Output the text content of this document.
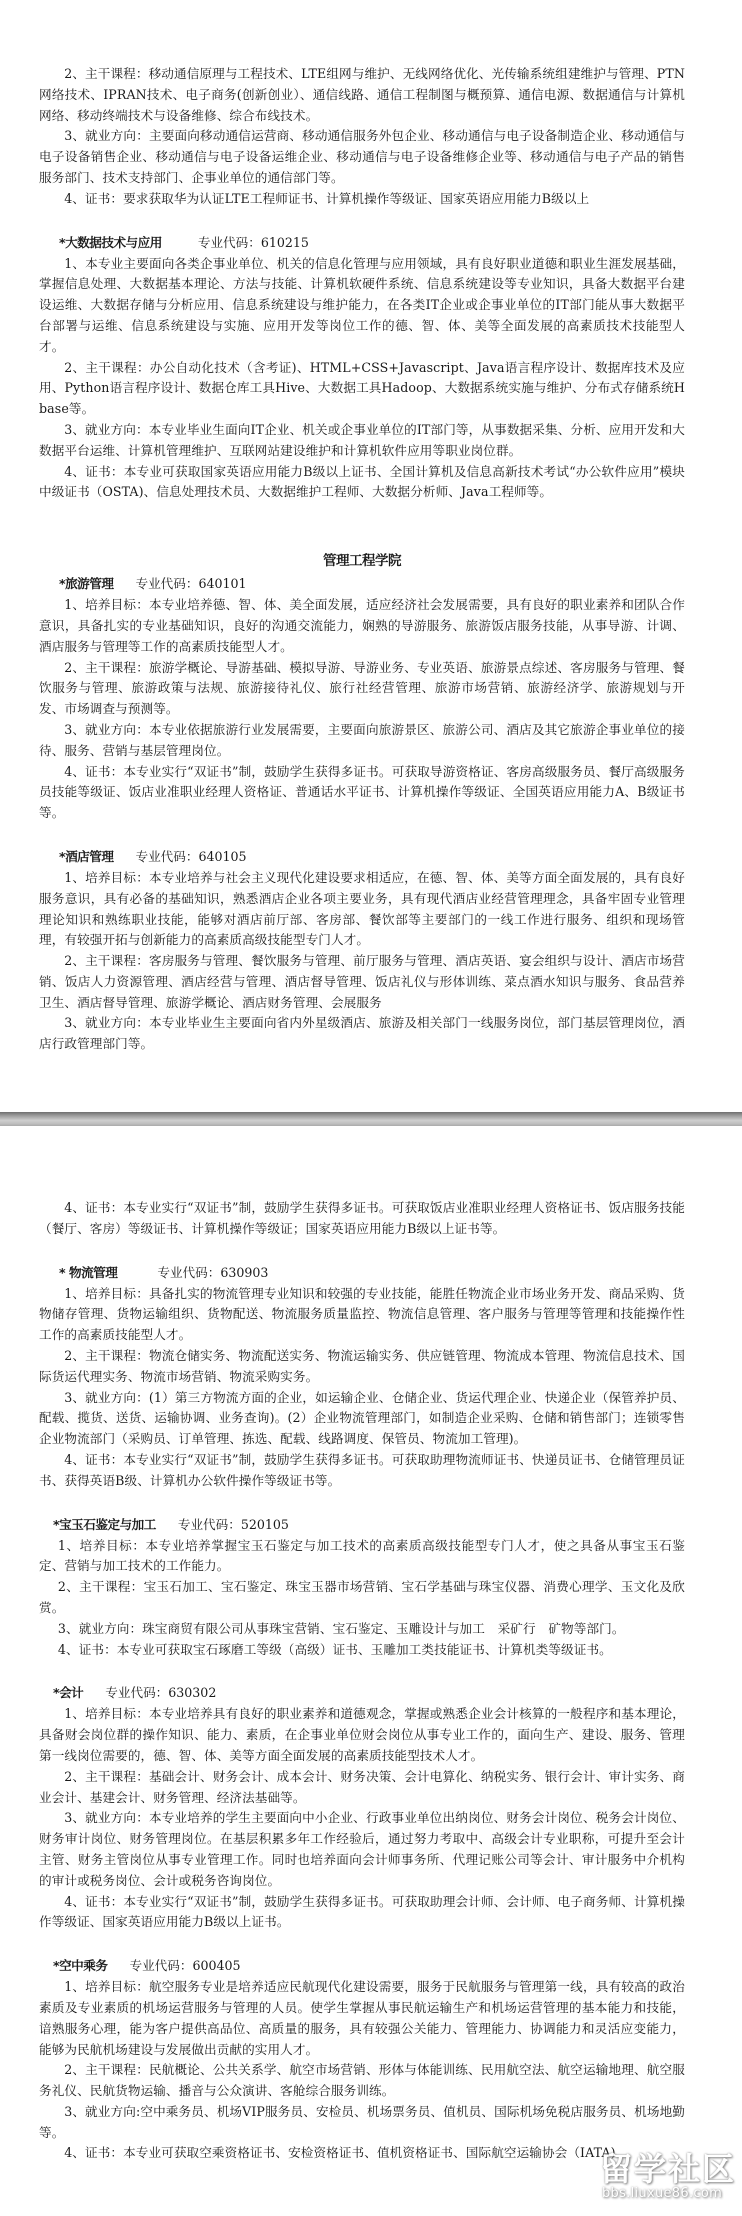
2、主干课程：移动通信原理与工程技术、LTE组网与维护、无线网络优化、光传输系统组建维护与管理、PTN网络技术、IPRAN技术、电子商务(创新创业）、通信线路、通信工程制图与概预算、通信电源、数据通信与计算机网络、移动终端技术与设备维修、综合布线技术。

3、就业方向：主要面向移动通信运营商、移动通信服务外包企业、移动通信与电子设备制造企业、移动通信与电子设备销售企业、移动通信与电子设备运维企业、移动通信与电子设备维修企业等、移动通信与电子产品的销售服务部门、技术支持部门、企事业单位的通信部门等。

4、证书：要求获取华为认证LTE工程师证书、计算机操作等级证、国家英语应用能力B级以上

*大数据技术与应用	专业代码：610215

1、本专业主要面向各类企事业单位、机关的信息化管理与应用领域，具有良好职业道德和职业生涯发展基础，掌握信息处理、大数据基本理论、方法与技能、计算机软硬件系统、信息系统建设等专业知识，具备大数据平台建设运维、大数据存储与分析应用、信息系统建设与维护能力，在各类IT企业或企事业单位的IT部门能从事大数据平台部署与运维、信息系统建设与实施、应用开发等岗位工作的德、智、体、美等全面发展的高素质技术技能型人才。

2、主干课程：办公自动化技术（含考证)、HTML+CSS+Javascript、Java语言程序设计、数据库技术及应用、Python语言程序设计、数据仓库工具Hive、大数据工具Hadoop、大数据系统实施与维护、分布式存储系统Hbase等。

3、就业方向：本专业毕业生面向IT企业、机关或企事业单位的IT部门等，从事数据采集、分析、应用开发和大数据平台运维、计算机管理维护、互联网站建设维护和计算机软件应用等职业岗位群。

4、证书：本专业可获取国家英语应用能力B级以上证书、全国计算机及信息高新技术考试“办公软件应用”模块中级证书（OSTA)、信息处理技术员、大数据维护工程师、大数据分析师、Java工程师等。

管理工程学院

*旅游管理 专业代码：640101

1、培养目标：本专业培养德、智、体、美全面发展，适应经济社会发展需要，具有良好的职业素养和团队合作意识，具备扎实的专业基础知识，良好的沟通交流能力，娴熟的导游服务、旅游饭店服务技能，从事导游、计调、酒店服务与管理等工作的高素质技能型人才。

2、主干课程：旅游学概论、导游基础、模拟导游、导游业务、专业英语、旅游景点综述、客房服务与管理、餐饮服务与管理、旅游政策与法规、旅游接待礼仪、旅行社经营管理、旅游市场营销、旅游经济学、旅游规划与开发、市场调查与预测等。

3、就业方向：本专业依据旅游行业发展需要，主要面向旅游景区、旅游公司、酒店及其它旅游企事业单位的接待、服务、营销与基层管理岗位。

4、证书：本专业实行“双证书”制，鼓励学生获得多证书。可获取导游资格证、客房高级服务员、餐厅高级服务员技能等级证、饭店业准职业经理人资格证、普通话水平证书、计算机操作等级证、全国英语应用能力A、B级证书等。

*酒店管理 专业代码：640105

1、培养目标：本专业培养与社会主义现代化建设要求相适应，在德、智、体、美等方面全面发展的，具有良好服务意识，具有必备的基础知识，熟悉酒店企业各项主要业务，具有现代酒店业经营管理理念，具备牢固专业管理理论知识和熟练职业技能，能够对酒店前厅部、客房部、餐饮部等主要部门的一线工作进行服务、组织和现场管理，有较强开拓与创新能力的高素质高级技能型专门人才。

2、主干课程：客房服务与管理、餐饮服务与管理、前厅服务与管理、酒店英语、宴会组织与设计、酒店市场营销、饭店人力资源管理、酒店经营与管理、酒店督导管理、饭店礼仪与形体训练、菜点酒水知识与服务、食品营养卫生、酒店督导管理、旅游学概论、酒店财务管理、会展服务

3、就业方向：本专业毕业生主要面向省内外星级酒店、旅游及相关部门一线服务岗位，部门基层管理岗位，酒店行政管理部门等。

4、证书：本专业实行“双证书”制，鼓励学生获得多证书。可获取饭店业准职业经理人资格证书、饭店服务技能（餐厅、客房）等级证书、计算机操作等级证；国家英语应用能力B级以上证书等。

* 物流管理	专业代码：630903

1、培养目标：具备扎实的物流管理专业知识和较强的专业技能，能胜任物流企业市场业务开发、商品采购、货物储存管理、货物运输组织、货物配送、物流服务质量监控、物流信息管理、客户服务与管理等管理和技能操作性工作的高素质技能型人才。

2、主干课程：物流仓储实务、物流配送实务、物流运输实务、供应链管理、物流成本管理、物流信息技术、国际货运代理实务、物流市场营销、物流采购实务。

3、就业方向：(1）第三方物流方面的企业，如运输企业、仓储企业、货运代理企业、快递企业（保管养护员、配载、揽货、送货、运输协调、业务查询)。(2）企业物流管理部门，如制造企业采购、仓储和销售部门；连锁零售企业物流部门（采购员、订单管理、拣选、配载、线路调度、保管员、物流加工管理)。

4、证书：本专业实行“双证书”制，鼓励学生获得多证书。可获取助理物流师证书、快递员证书、仓储管理员证书、获得英语B级、计算机办公软件操作等级证书等。

*宝玉石鉴定与加工 专业代码：520105

1、培养目标：本专业培养掌握宝玉石鉴定与加工技术的高素质高级技能型专门人才，使之具备从事宝玉石鉴定、营销与加工技术的工作能力。

2、主干课程：宝玉石加工、宝石鉴定、珠宝玉器市场营销、宝石学基础与珠宝仪器、消费心理学、玉文化及欣赏。

3、就业方向：珠宝商贸有限公司从事珠宝营销、宝石鉴定、玉雕设计与加工　采矿行　矿物等部门。

4、证书：本专业可获取宝石琢磨工等级（高级）证书、玉雕加工类技能证书、计算机类等级证书。

*会计 专业代码：630302

1、培养目标：本专业培养具有良好的职业素养和道德观念，掌握或熟悉企业会计核算的一般程序和基本理论，具备财会岗位群的操作知识、能力、素质，在企事业单位财会岗位从事专业工作的，面向生产、建设、服务、管理第一线岗位需要的，德、智、体、美等方面全面发展的高素质技能型技术人才。

2、主干课程：基础会计、财务会计、成本会计、财务决策、会计电算化、纳税实务、银行会计、审计实务、商业会计、基建会计、财务管理、经济法基础等。

3、就业方向：本专业培养的学生主要面向中小企业、行政事业单位出纳岗位、财务会计岗位、税务会计岗位、财务审计岗位、财务管理岗位。在基层积累多年工作经验后，通过努力考取中、高级会计专业职称，可提升至会计主管、财务主管岗位从事专业管理工作。同时也培养面向会计师事务所、代理记账公司等会计、审计服务中介机构的审计或税务岗位、会计或税务咨询岗位。

4、证书：本专业实行“双证书”制，鼓励学生获得多证书。可获取助理会计师、会计师、电子商务师、计算机操作等级证、国家英语应用能力B级以上证书。

*空中乘务 专业代码：600405

1、培养目标：航空服务专业是培养适应民航现代化建设需要，服务于民航服务与管理第一线，具有较高的政治素质及专业素质的机场运营服务与管理的人员。使学生掌握从事民航运输生产和机场运营管理的基本能力和技能，谙熟服务心理，能为客户提供高品位、高质量的服务，具有较强公关能力、管理能力、协调能力和灵活应变能力，能够为民航机场建设与发展做出贡献的实用人才。

2、主干课程：民航概论、公共关系学、航空市场营销、形体与体能训练、民用航空法、航空运输地理、航空服务礼仪、民航货物运输、播音与公众演讲、客舱综合服务训练。

3、就业方向:空中乘务员、机场VIP服务员、安检员、机场票务员、值机员、国际机场免税店服务员、机场地勤等。

4、证书：本专业可获取空乘资格证书、安检资格证书、值机资格证书、国际航空运输协会（IATA)

留学社区
bbs.liuxue86.com
